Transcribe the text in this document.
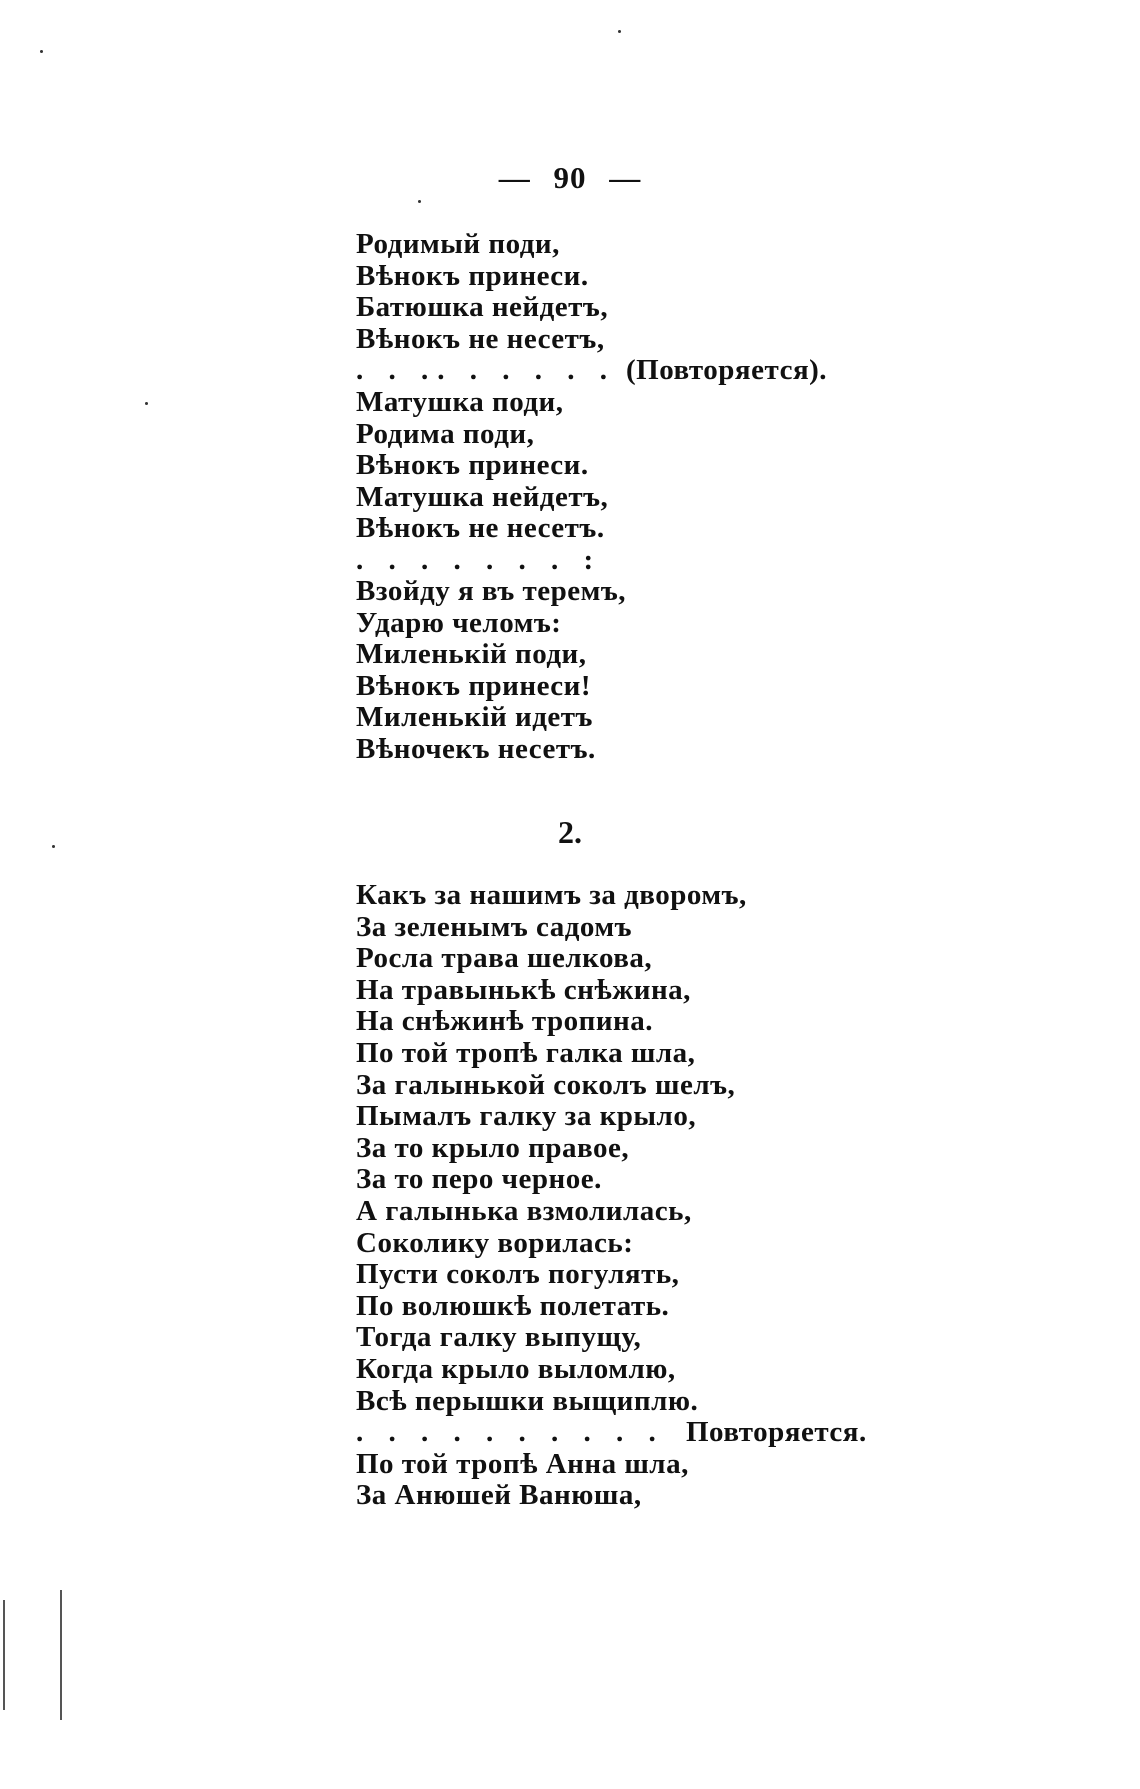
— 90 —
Родимый поди,
Вѣнокъ принеси.
Батюшка нейдетъ,
Вѣнокъ не несетъ,
. . .. . . . . . (Повторяется).
Матушка поди,
Родима поди,
Вѣнокъ принеси.
Матушка нейдетъ,
Вѣнокъ не несетъ.
. . . . . . . :
Взойду я въ теремъ,
Ударю челомъ:
Миленькій поди,
Вѣнокъ принеси!
Миленькій идетъ
Вѣночекъ несетъ.
2.
Какъ за нашимъ за дворомъ,
За зеленымъ садомъ
Росла трава шелкова,
На травынькѣ снѣжина,
На снѣжинѣ тропина.
По той тропѣ галка шла,
За галынькой соколъ шелъ,
Пымалъ галку за крыло,
За то крыло правое,
За то перо черное.
А галынька взмолилась,
Соколику ворилась:
Пусти соколъ погулять,
По волюшкѣ полетать.
Тогда галку выпущу,
Когда крыло выломлю,
Всѣ перышки выщиплю.
. . . . . . . . . . Повторяется.
По той тропѣ Анна шла,
За Анюшей Ванюша,
